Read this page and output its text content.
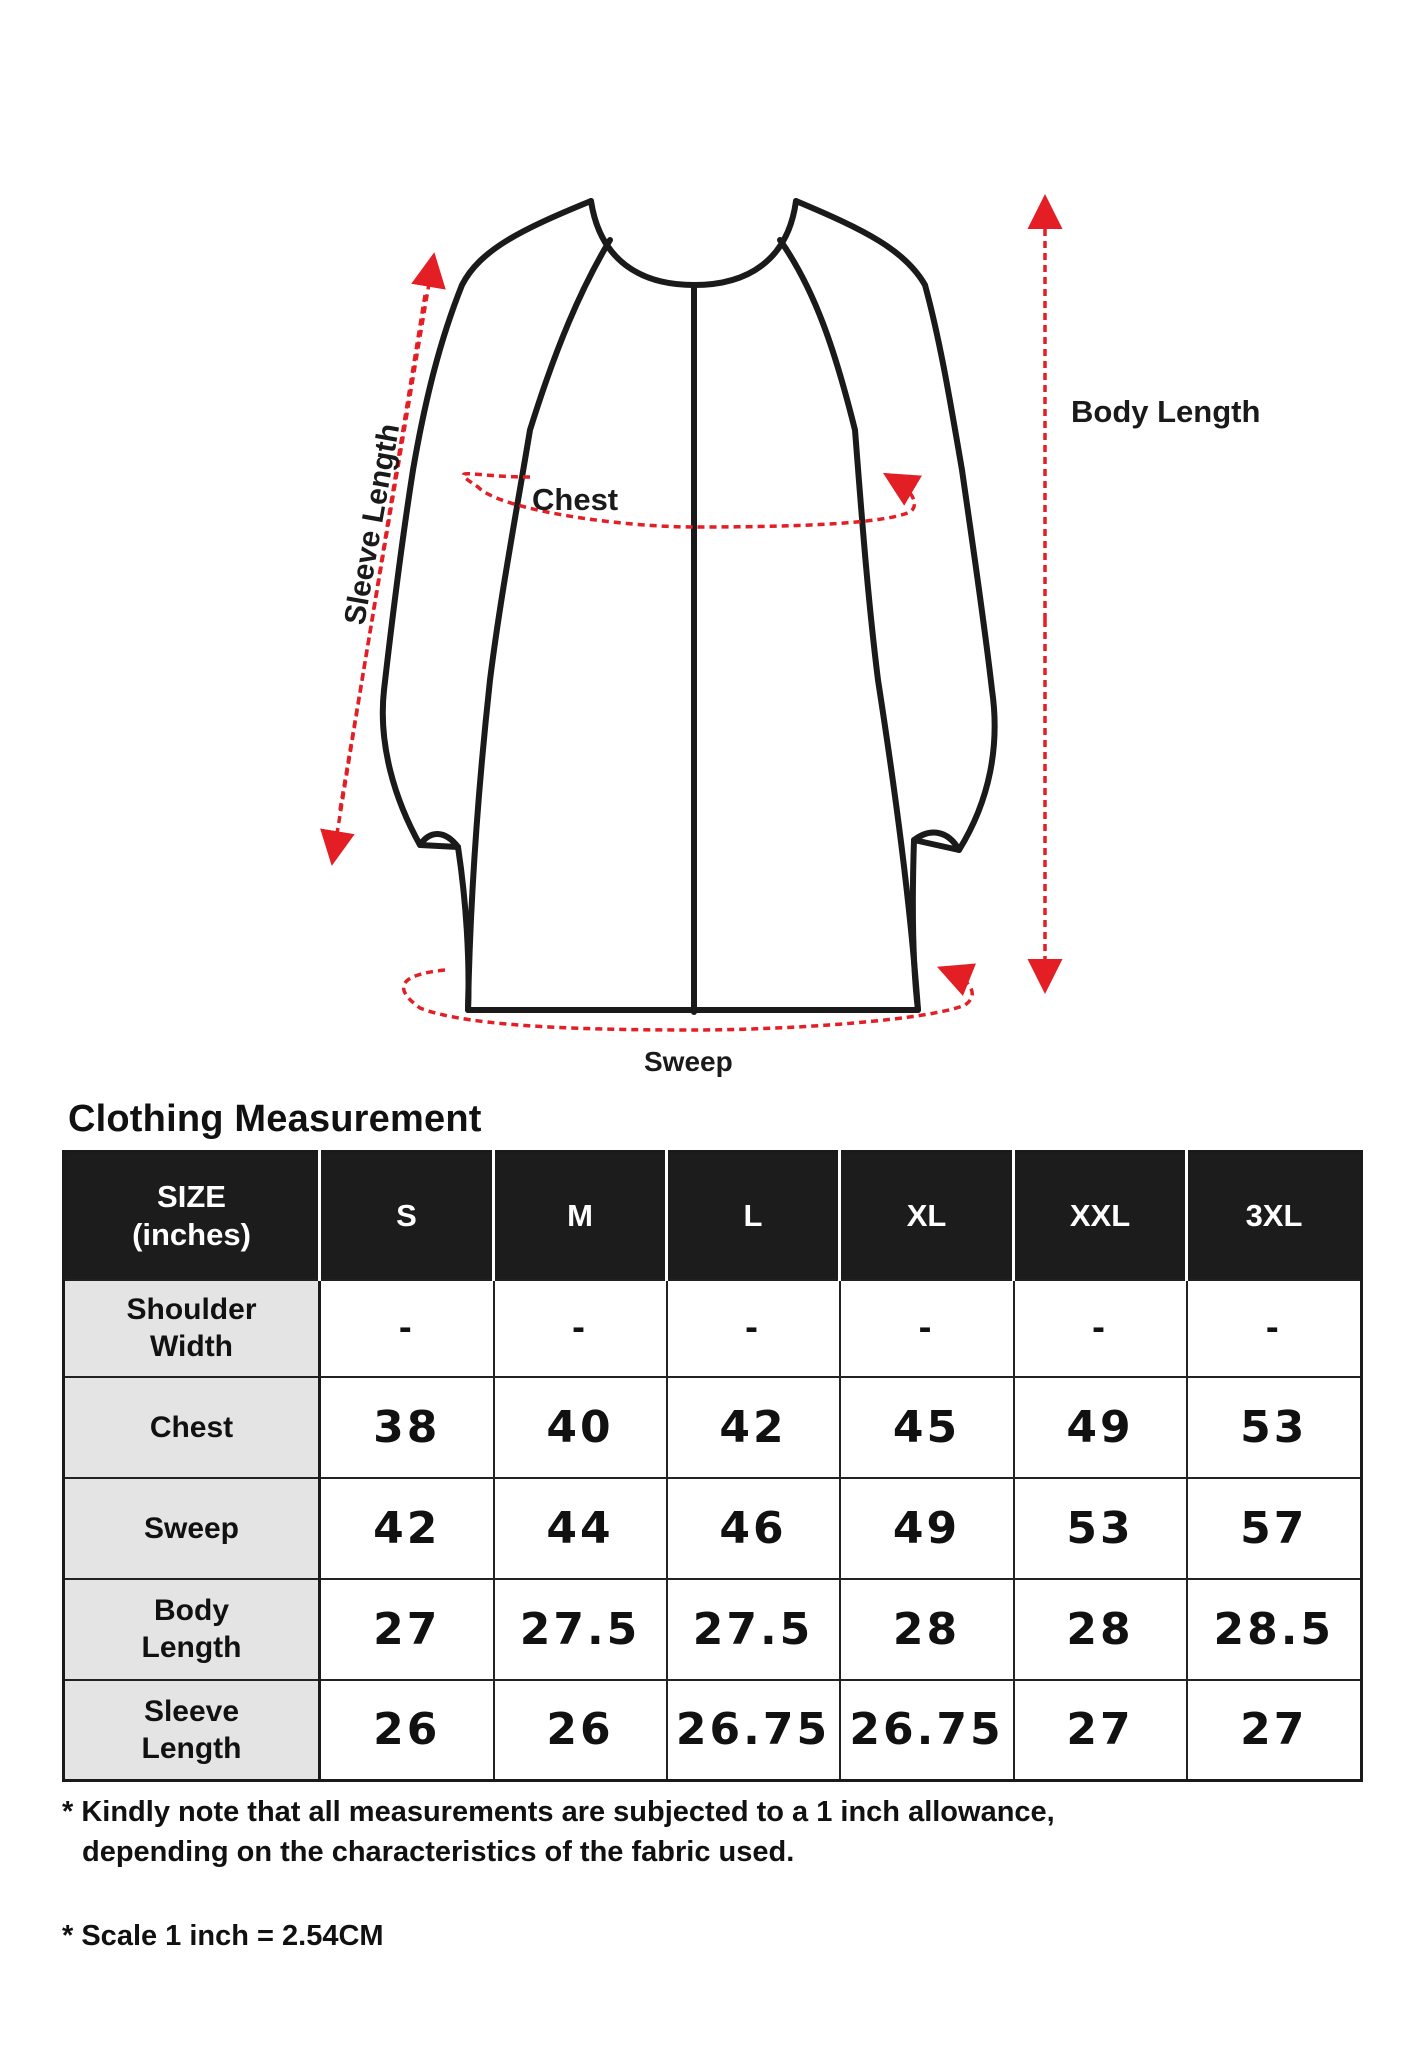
Sleeve Length	Chest
Body Length
Sweep
Clothing Measurement
SIZE
(inches)	S	M	L	XL	XXL	3XL
Shoulder
Width	-	-	-	-	-	-
Chest	38	40	42	45	49	53
Sweep	42	44	46	49	53	57
Body
Length	27	27.5	27.5	28	28	28.5
Sleeve
Length	26	26	26.75	26.75	27	27
* Kindly note that all measurements are subjected to a 1 inch allowance,
depending on the characteristics of the fabric used.
* Scale 1 inch = 2.54CM
